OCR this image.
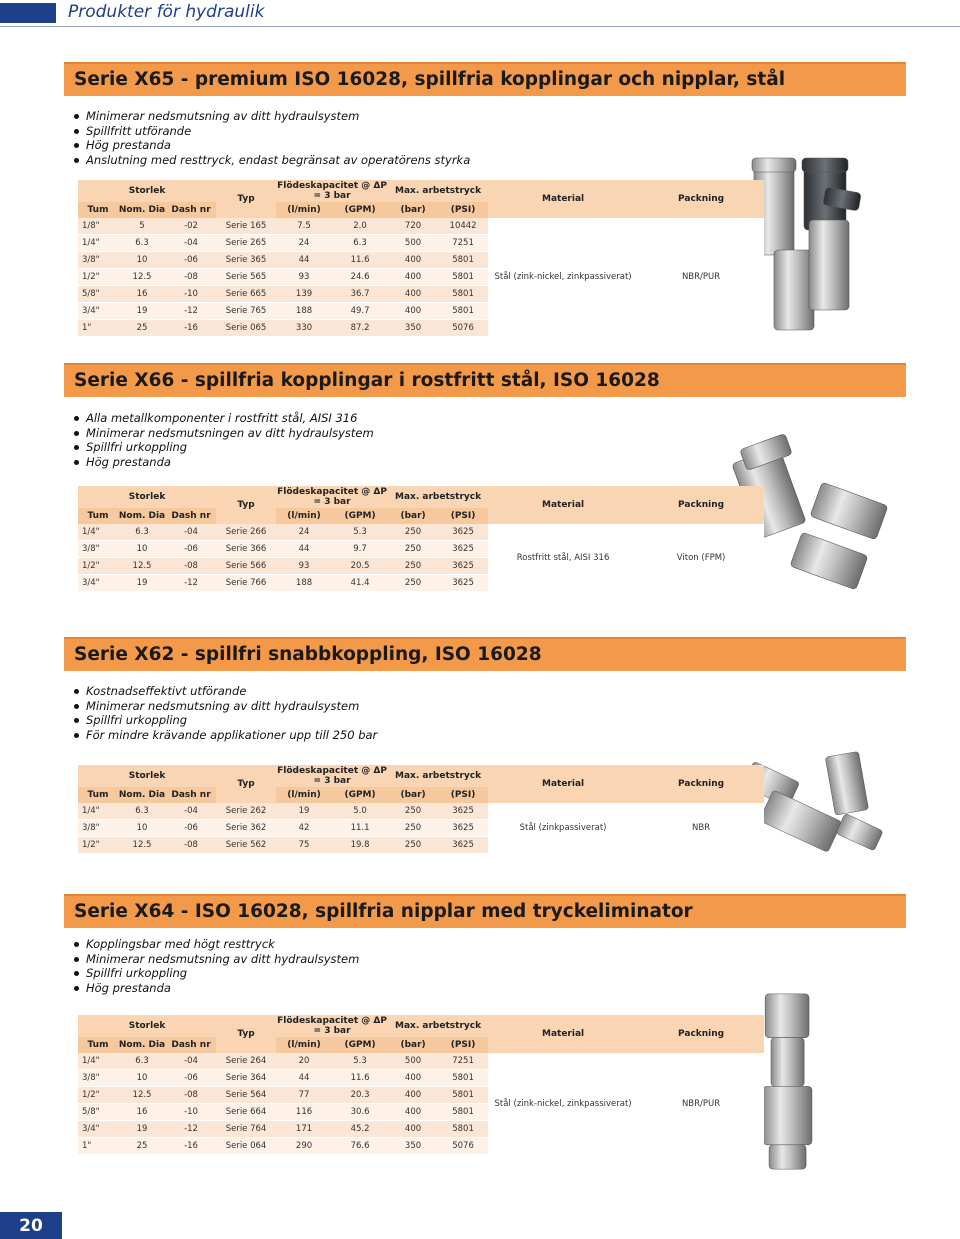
Produkter för hydraulik
Serie X65 - premium ISO 16028, spillfria kopplingar och nipplar, stål
Minimerar nedsmutsning av ditt hydraulsystem
Spillfritt utförande
Hög prestanda
Anslutning med resttryck, endast begränsat av operatörens styrka
Storlek			Typ	Flödeskapacitet @ ΔP = 3 bar		Max. arbetstryck		Material	Packning
Tum	Nom. Dia	Dash nr		(l/min)	(GPM)	(bar)	(PSI)		
1/8"	5	-02	Serie 165	7.5	2.0	720	10442	Stål (zink-nickel, zinkpassiverat)	NBR/PUR
1/4"	6.3	-04	Serie 265	24	6.3	500	7251		
3/8"	10	-06	Serie 365	44	11.6	400	5801		
1/2"	12.5	-08	Serie 565	93	24.6	400	5801		
5/8"	16	-10	Serie 665	139	36.7	400	5801		
3/4"	19	-12	Serie 765	188	49.7	400	5801		
1"	25	-16	Serie 065	330	87.2	350	5076		
Serie X66 - spillfria kopplingar i rostfritt stål, ISO 16028
Alla metallkomponenter i rostfritt stål, AISI 316
Minimerar nedsmutsningen av ditt hydraulsystem
Spillfri urkoppling
Hög prestanda
Storlek			Typ	Flödeskapacitet @ ΔP = 3 bar		Max. arbetstryck		Material	Packning
Tum	Nom. Dia	Dash nr		(l/min)	(GPM)	(bar)	(PSI)		
1/4"	6.3	-04	Serie 266	24	5.3	250	3625	Rostfritt stål, AISI 316	Viton (FPM)
3/8"	10	-06	Serie 366	44	9.7	250	3625		
1/2"	12.5	-08	Serie 566	93	20.5	250	3625		
3/4"	19	-12	Serie 766	188	41.4	250	3625		
Serie X62 - spillfri snabbkoppling, ISO 16028
Kostnadseffektivt utförande
Minimerar nedsmutsning av ditt hydraulsystem
Spillfri urkoppling
För mindre krävande applikationer upp till 250 bar
Storlek			Typ	Flödeskapacitet @ ΔP = 3 bar		Max. arbetstryck		Material	Packning
Tum	Nom. Dia	Dash nr		(l/min)	(GPM)	(bar)	(PSI)		
1/4"	6.3	-04	Serie 262	19	5.0	250	3625	Stål (zinkpassiverat)	NBR
3/8"	10	-06	Serie 362	42	11.1	250	3625		
1/2"	12.5	-08	Serie 562	75	19.8	250	3625		
Serie X64 - ISO 16028, spillfria nipplar med tryckeliminator
Kopplingsbar med högt resttryck
Minimerar nedsmutsning av ditt hydraulsystem
Spillfri urkoppling
Hög prestanda
Storlek			Typ	Flödeskapacitet @ ΔP = 3 bar		Max. arbetstryck		Material	Packning
Tum	Nom. Dia	Dash nr		(l/min)	(GPM)	(bar)	(PSI)		
1/4"	6.3	-04	Serie 264	20	5.3	500	7251	Stål (zink-nickel, zinkpassiverat)	NBR/PUR
3/8"	10	-06	Serie 364	44	11.6	400	5801		
1/2"	12.5	-08	Serie 564	77	20.3	400	5801		
5/8"	16	-10	Serie 664	116	30.6	400	5801		
3/4"	19	-12	Serie 764	171	45.2	400	5801		
1"	25	-16	Serie 064	290	76.6	350	5076		
20
